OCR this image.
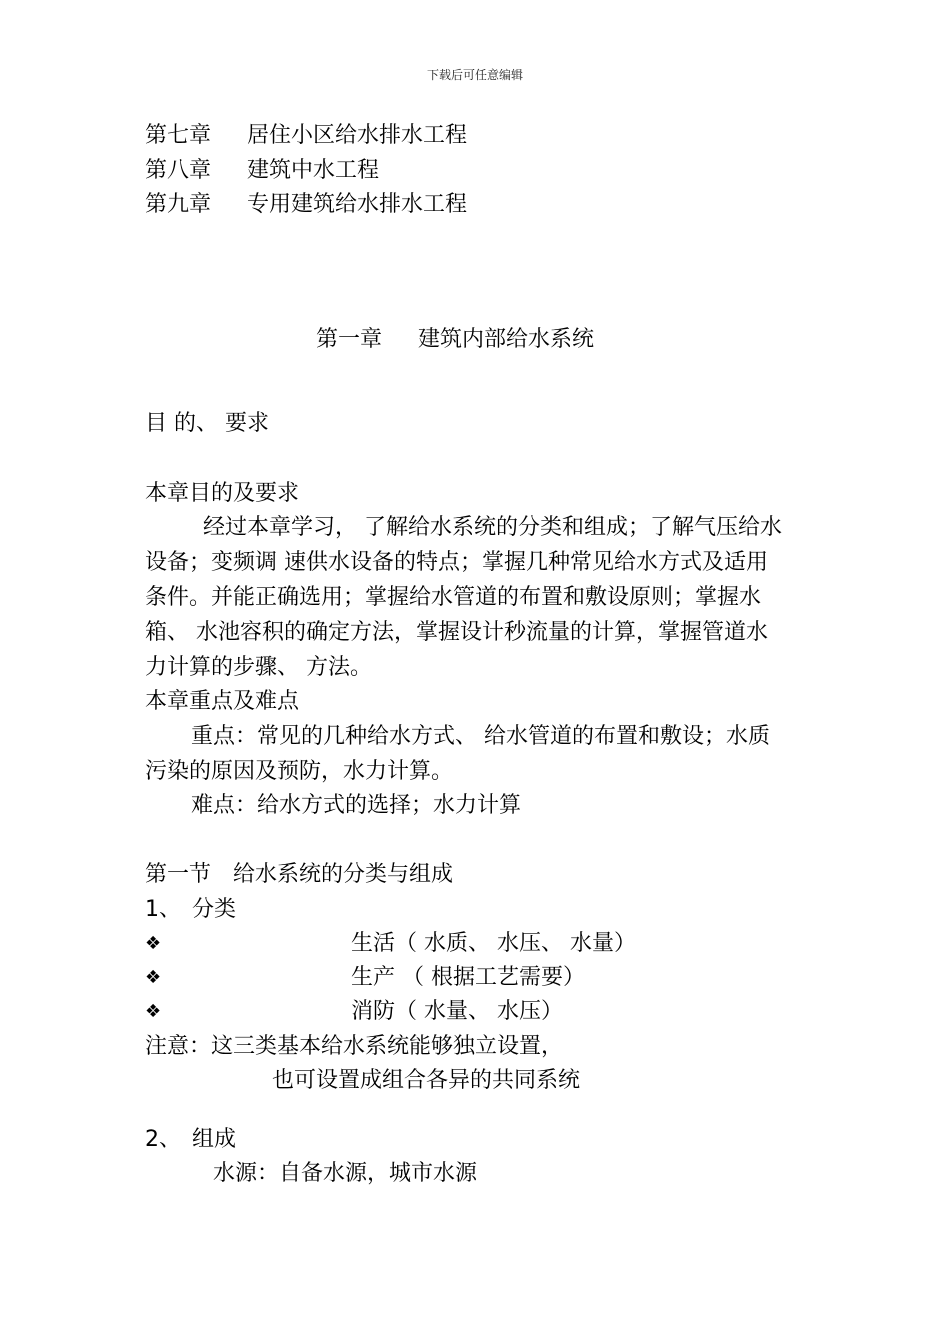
下载后可任意编辑
第七章 居住小区给水排水工程
第八章 建筑中水工程
第九章 专用建筑给水排水工程
第一章 建筑内部给水系统
目 的、 要求
本章目的及要求
经过本章学习， 了解给水系统的分类和组成；了解气压给水
设备；变频调 速供水设备的特点；掌握几种常见给水方式及适用
条件。并能正确选用；掌握给水管道的布置和敷设原则；掌握水
箱、 水池容积的确定方法，掌握设计秒流量的计算，掌握管道水
力计算的步骤、 方法。
本章重点及难点
重点：常见的几种给水方式、 给水管道的布置和敷设；水质
污染的原因及预防，水力计算。
难点：给水方式的选择；水力计算
第一节　给水系统的分类与组成
1、　分类
❖	生活（ 水质、 水压、 水量）
❖	生产 （ 根据工艺需要）
❖	消防（ 水量、 水压）
注意：这三类基本给水系统能够独立设置，
也可设置成组合各异的共同系统
2、　组成
水源：自备水源，城市水源
